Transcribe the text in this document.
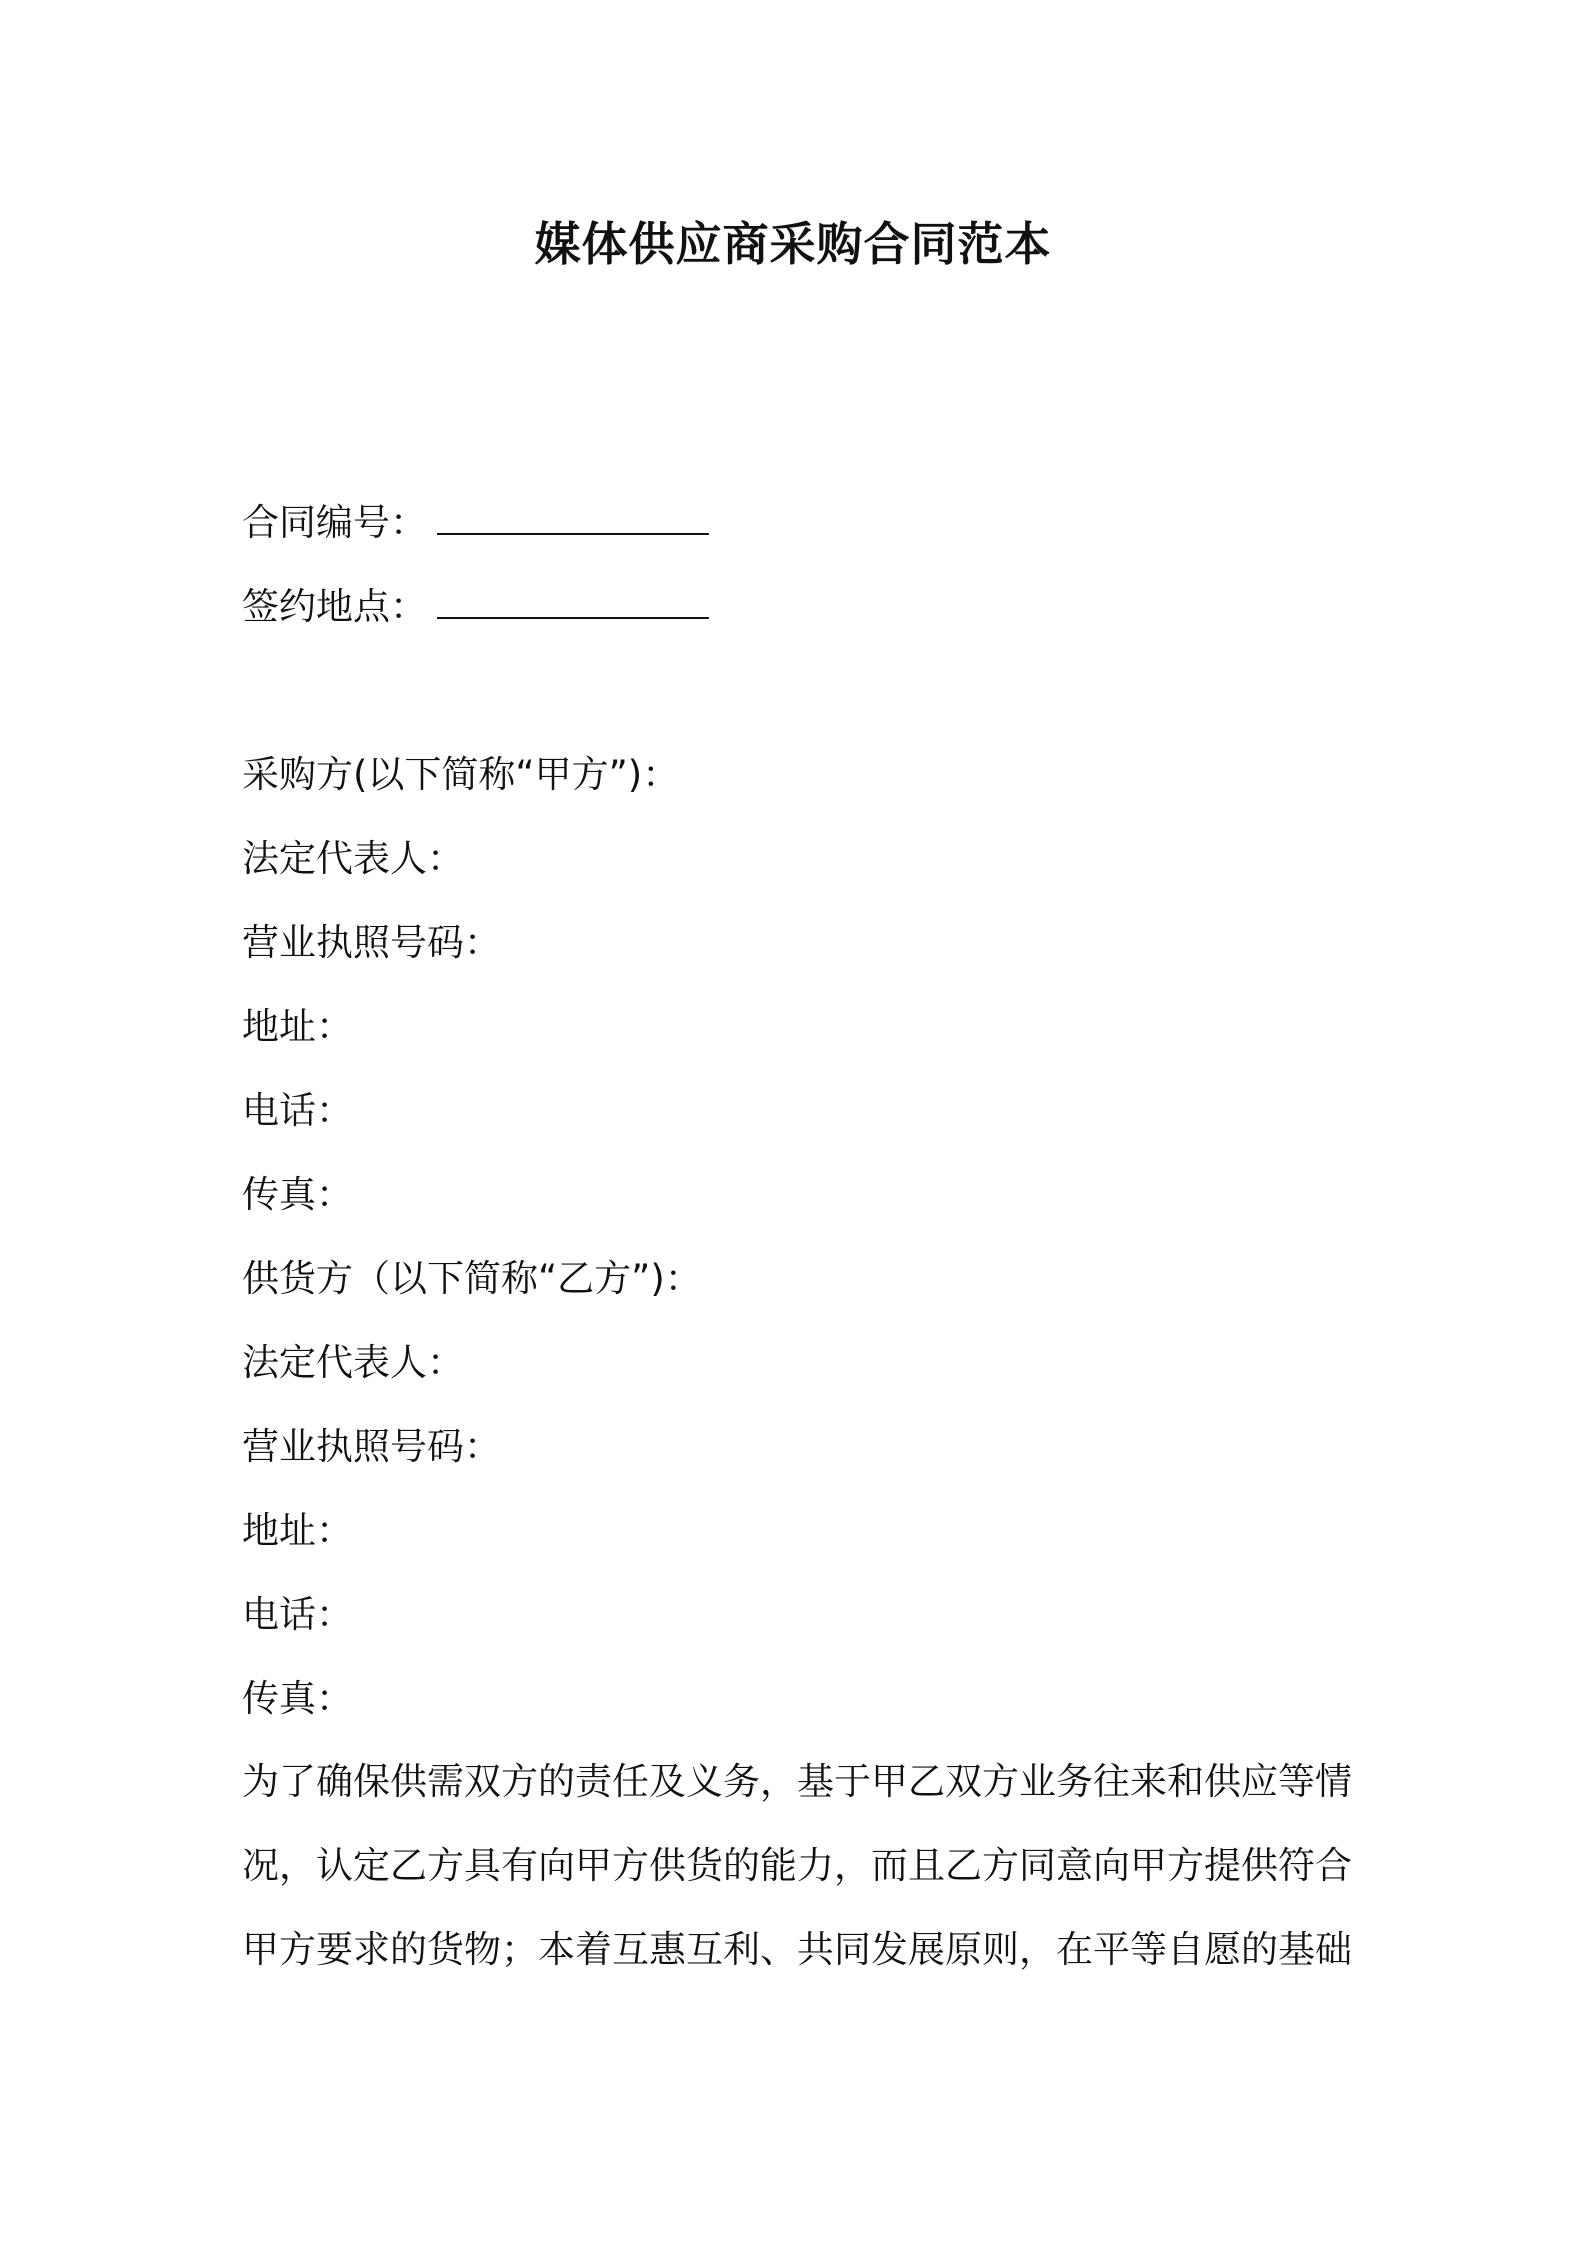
媒体供应商采购合同范本
合同编号：
签约地点：
采购方(以下简称“甲方”)：
法定代表人：
营业执照号码：
地址：
电话：
传真：
供货方（以下简称“乙方”)：
法定代表人：
营业执照号码：
地址：
电话：
传真：
为了确保供需双方的责任及义务，基于甲乙双方业务往来和供应等情
况，认定乙方具有向甲方供货的能力，而且乙方同意向甲方提供符合
甲方要求的货物；本着互惠互利、共同发展原则，在平等自愿的基础
